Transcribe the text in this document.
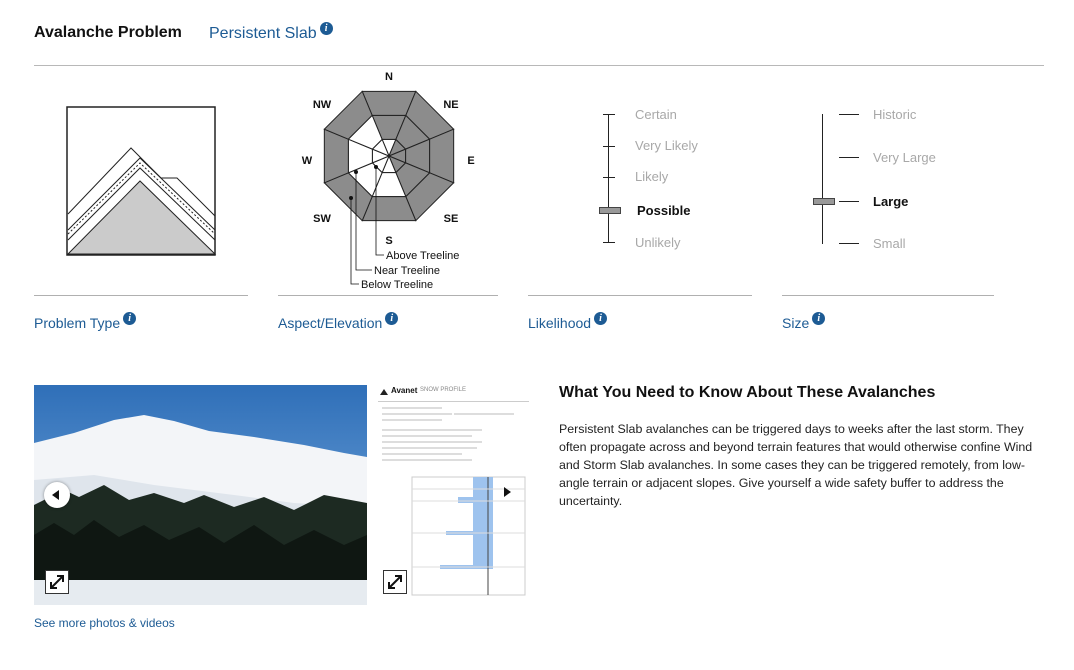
Avalanche Problem Persistent Slab i
Problem Type i
N
NE
E
SE
S
SW
W
NW
Above Treeline
Near Treeline
Below Treeline
Aspect/Elevation i
Certain
Very Likely
Likely
Possible
Unlikely
Likelihood i
Historic
Very Large
Large
Small
Size i
Avanet SNOW PROFILE
See more photos & videos
What You Need to Know About These Avalanches
Persistent Slab avalanches can be triggered days to weeks after the last storm. They often propagate across and beyond terrain features that would otherwise confine Wind and Storm Slab avalanches. In some cases they can be triggered remotely, from low-angle terrain or adjacent slopes. Give yourself a wide safety buffer to address the uncertainty.
